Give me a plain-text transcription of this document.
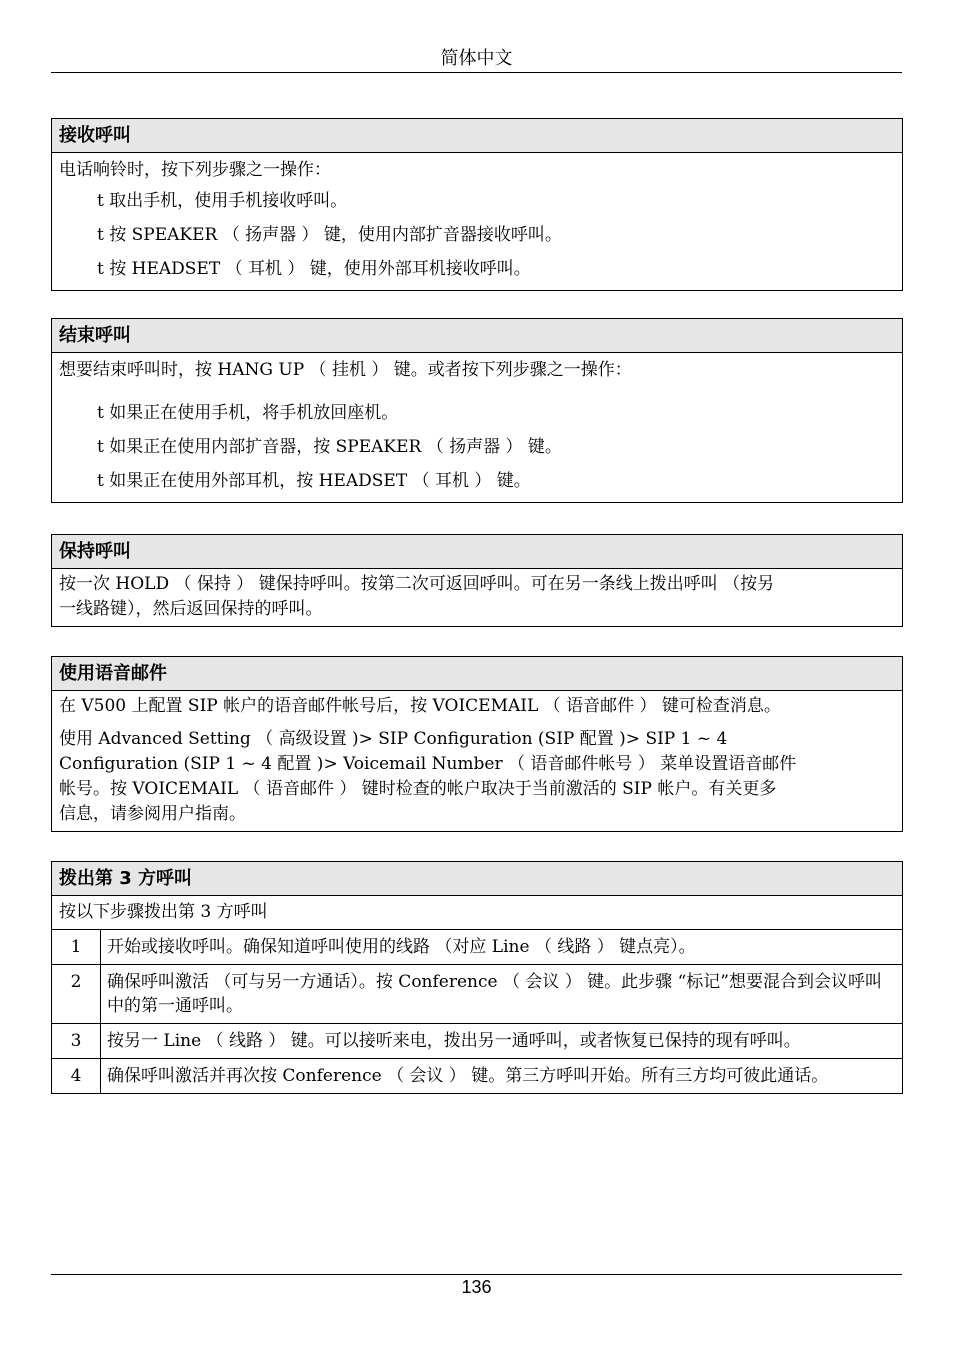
简体中文
接收呼叫
电话响铃时，按下列步骤之一操作：
t 取出手机，使用手机接收呼叫。
t 按 SPEAKER （ 扬声器 ） 键，使用内部扩音器接收呼叫。
t 按 HEADSET （ 耳机 ） 键，使用外部耳机接收呼叫。
结束呼叫
想要结束呼叫时，按 HANG UP （ 挂机 ） 键。或者按下列步骤之一操作：
t 如果正在使用手机，将手机放回座机。
t 如果正在使用内部扩音器，按 SPEAKER （ 扬声器 ） 键。
t 如果正在使用外部耳机，按 HEADSET （ 耳机 ） 键。
保持呼叫
按一次 HOLD （ 保持 ） 键保持呼叫。按第二次可返回呼叫。可在另一条线上拨出呼叫 （按另
一线路键），然后返回保持的呼叫。
使用语音邮件
在 V500 上配置 SIP 帐户的语音邮件帐号后，按 VOICEMAIL （ 语音邮件 ） 键可检查消息。
使用 Advanced Setting （ 高级设置 )> SIP Configuration (SIP 配置 )> SIP 1 ~ 4
Configuration (SIP 1 ~ 4 配置 )> Voicemail Number （ 语音邮件帐号 ） 菜单设置语音邮件
帐号。按 VOICEMAIL （ 语音邮件 ） 键时检查的帐户取决于当前激活的 SIP 帐户。有关更多
信息，请参阅用户指南。
拨出第 3 方呼叫
按以下步骤拨出第 3 方呼叫
1	开始或接收呼叫。确保知道呼叫使用的线路 （对应 Line （ 线路 ） 键点亮）。
2	确保呼叫激活 （可与另一方通话）。按 Conference （ 会议 ） 键。此步骤 “标记”想要混合到会议呼叫中的第一通呼叫。
3	按另一 Line （ 线路 ） 键。可以接听来电，拨出另一通呼叫，或者恢复已保持的现有呼叫。
4	确保呼叫激活并再次按 Conference （ 会议 ） 键。第三方呼叫开始。所有三方均可彼此通话。
136
